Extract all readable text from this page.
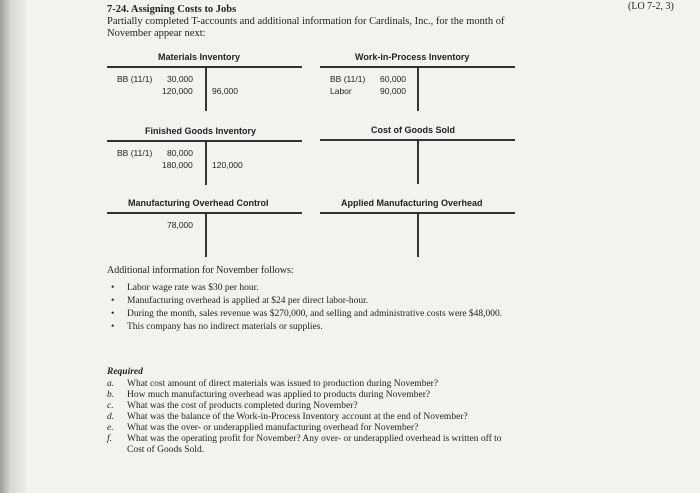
7-24. Assigning Costs to Jobs	(LO 7-2, 3)
Partially completed T-accounts and additional information for Cardinals, Inc., for the month of November appear next:
Materials Inventory
BB (11/1) 30,000
120,000 96,000
Work-in-Process Inventory
BB (11/1) 60,000
Labor	90,000
Finished Goods Inventory
BB (11/1) 80,000
180,000 120,000
Cost of Goods Sold
Manufacturing Overhead Control
78,000
Applied Manufacturing Overhead
Additional information for November follows:
• Labor wage rate was $30 per hour.
• Manufacturing overhead is applied at $24 per direct labor-hour.
• During the month, sales revenue was $270,000, and selling and administrative costs were $48,000.
• This company has no indirect materials or supplies.
Required
a. What cost amount of direct materials was issued to production during November?
b. How much manufacturing overhead was applied to products during November?
c. What was the cost of products completed during November?
d. What was the balance of the Work-in-Process Inventory account at the end of November?
e. What was the over- or underapplied manufacturing overhead for November?
f. What was the operating profit for November? Any over- or underapplied overhead is written off to Cost of Goods Sold.
